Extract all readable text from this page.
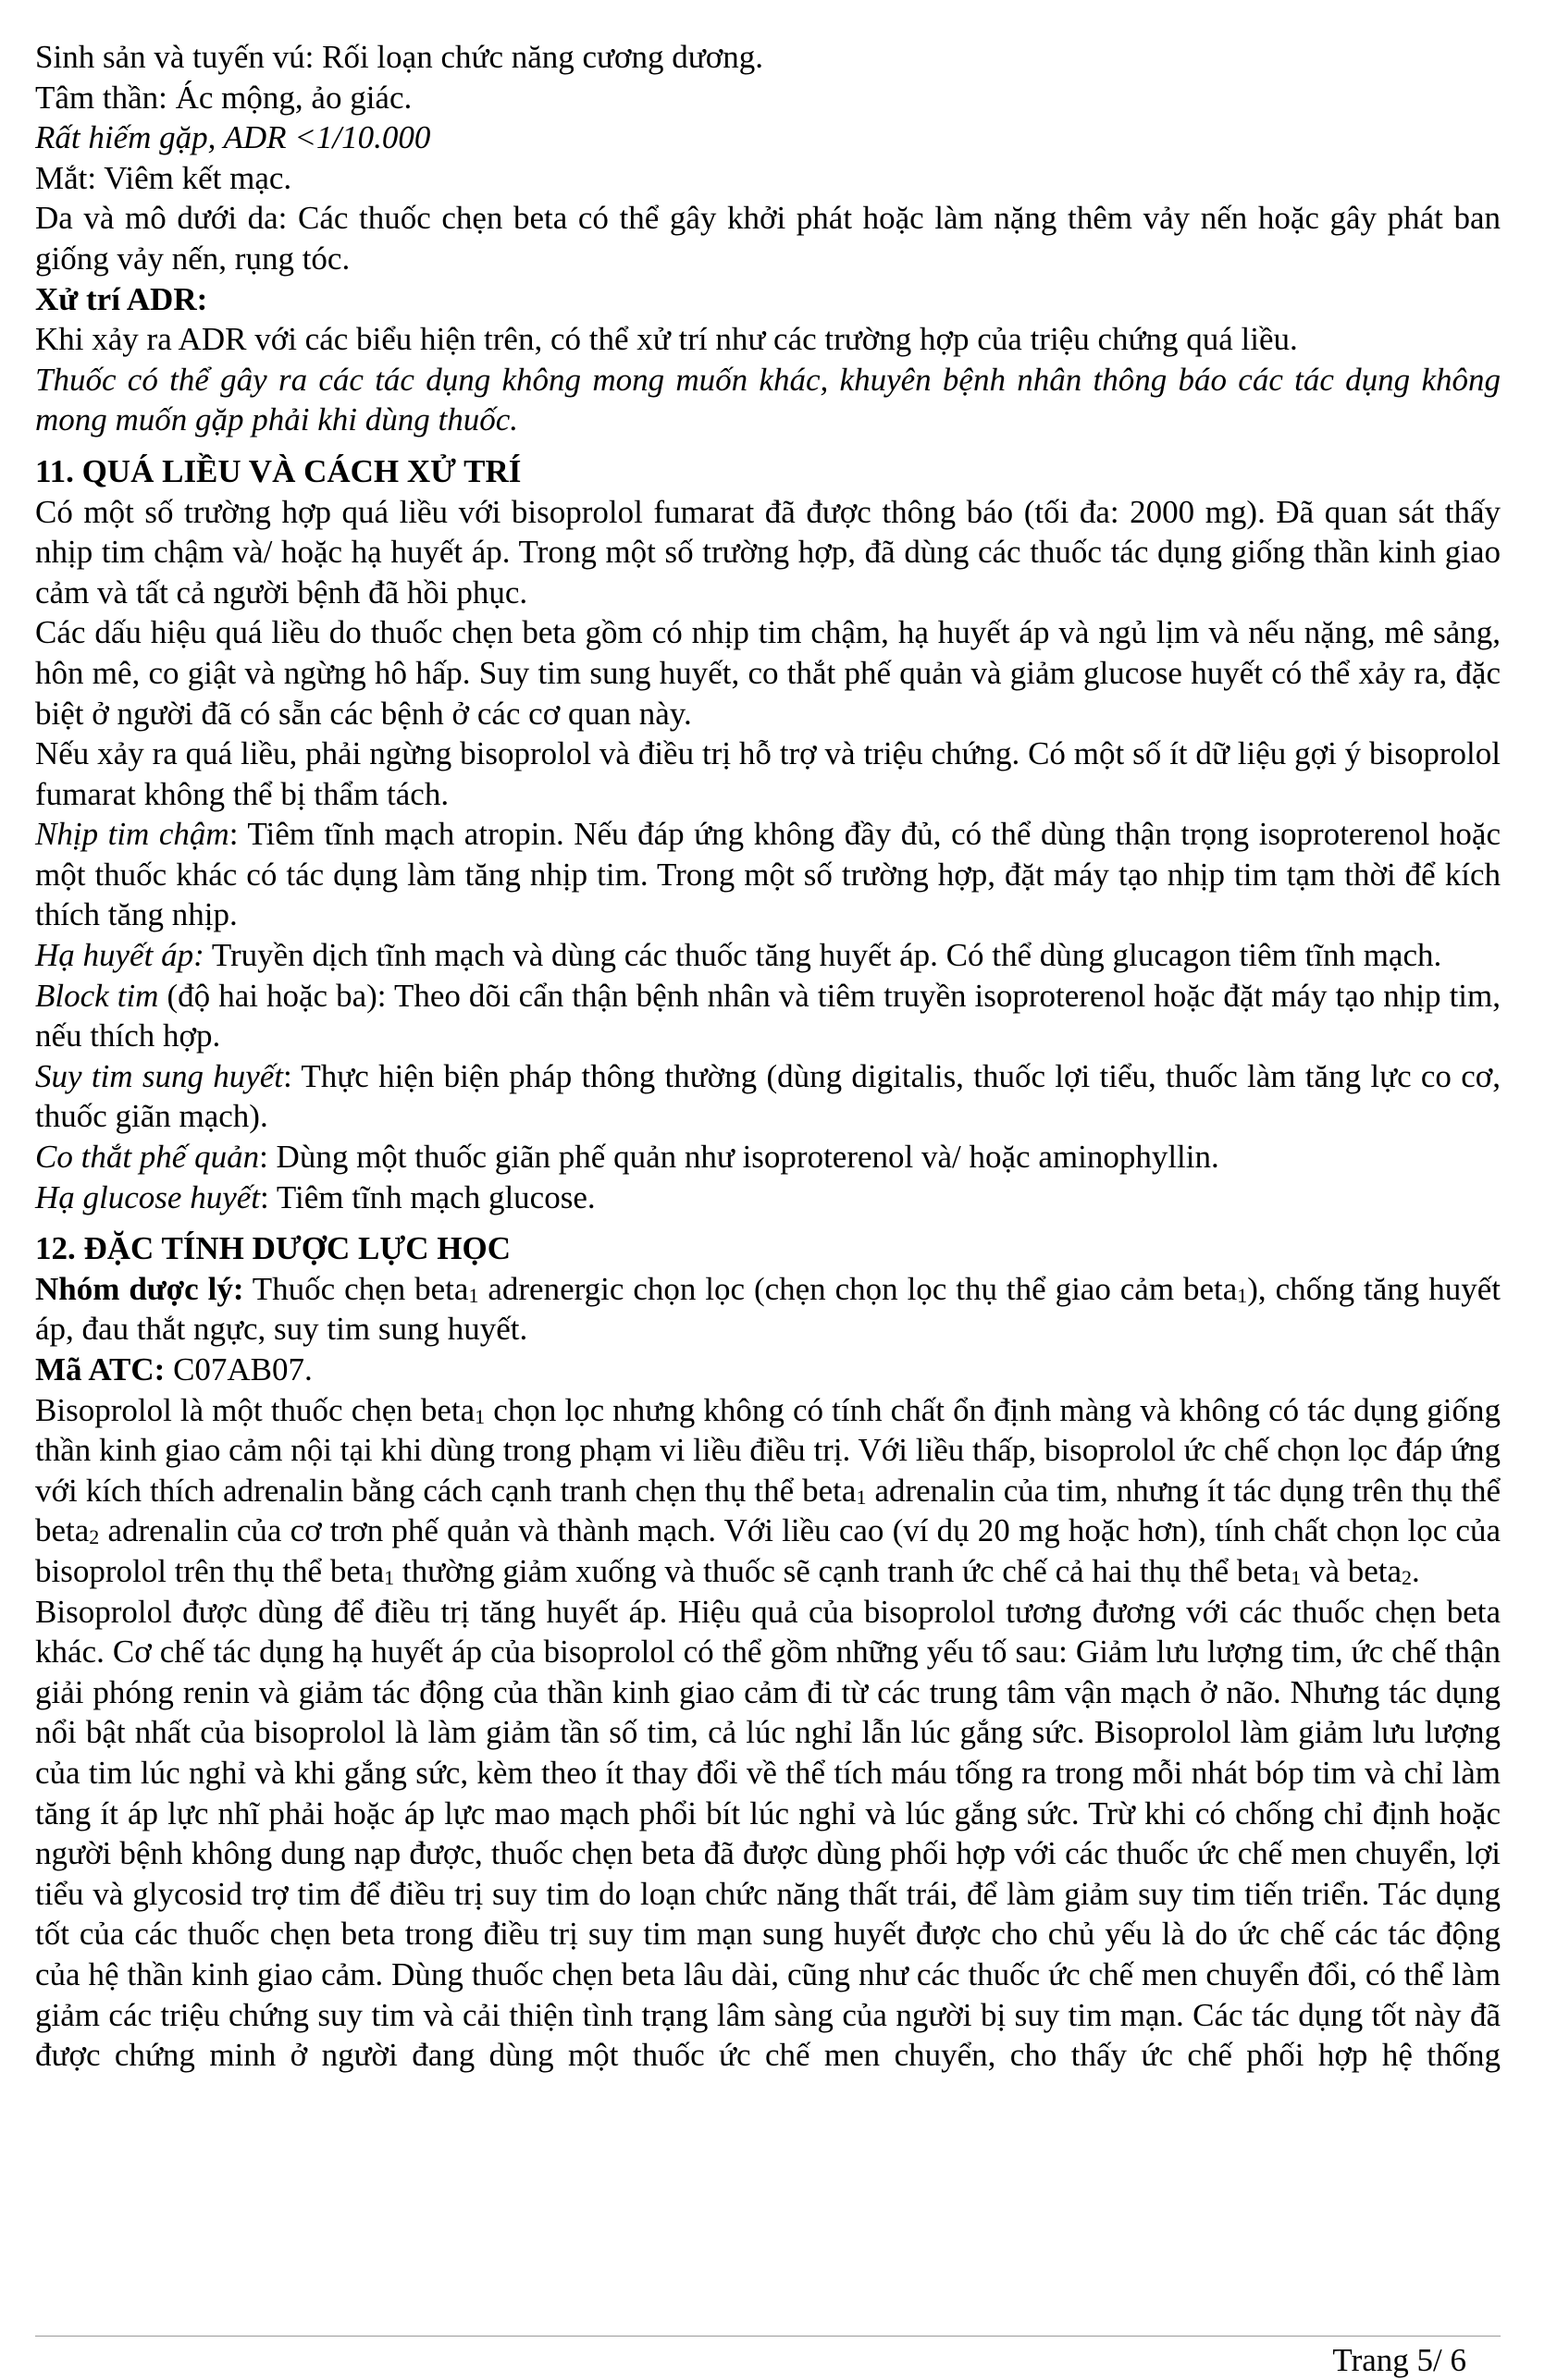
Sinh sản và tuyến vú: Rối loạn chức năng cương dương.

Tâm thần: Ác mộng, ảo giác.

Rất hiếm gặp, ADR <1/10.000

Mắt: Viêm kết mạc.

Da và mô dưới da: Các thuốc chẹn beta có thể gây khởi phát hoặc làm nặng thêm vảy nến hoặc gây phát ban giống vảy nến, rụng tóc.

Xử trí ADR:

Khi xảy ra ADR với các biểu hiện trên, có thể xử trí như các trường hợp của triệu chứng quá liều.

Thuốc có thể gây ra các tác dụng không mong muốn khác, khuyên bệnh nhân thông báo các tác dụng không mong muốn gặp phải khi dùng thuốc.

11. QUÁ LIỀU VÀ CÁCH XỬ TRÍ

Có một số trường hợp quá liều với bisoprolol fumarat đã được thông báo (tối đa: 2000 mg). Đã quan sát thấy nhịp tim chậm và/ hoặc hạ huyết áp. Trong một số trường hợp, đã dùng các thuốc tác dụng giống thần kinh giao cảm và tất cả người bệnh đã hồi phục.

Các dấu hiệu quá liều do thuốc chẹn beta gồm có nhịp tim chậm, hạ huyết áp và ngủ lịm và nếu nặng, mê sảng, hôn mê, co giật và ngừng hô hấp. Suy tim sung huyết, co thắt phế quản và giảm glucose huyết có thể xảy ra, đặc biệt ở người đã có sẵn các bệnh ở các cơ quan này.

Nếu xảy ra quá liều, phải ngừng bisoprolol và điều trị hỗ trợ và triệu chứng. Có một số ít dữ liệu gợi ý bisoprolol fumarat không thể bị thẩm tách.

Nhịp tim chậm: Tiêm tĩnh mạch atropin. Nếu đáp ứng không đầy đủ, có thể dùng thận trọng isoproterenol hoặc một thuốc khác có tác dụng làm tăng nhịp tim. Trong một số trường hợp, đặt máy tạo nhịp tim tạm thời để kích thích tăng nhịp.

Hạ huyết áp: Truyền dịch tĩnh mạch và dùng các thuốc tăng huyết áp. Có thể dùng glucagon tiêm tĩnh mạch.

Block tim (độ hai hoặc ba): Theo dõi cẩn thận bệnh nhân và tiêm truyền isoproterenol hoặc đặt máy tạo nhịp tim, nếu thích hợp.

Suy tim sung huyết: Thực hiện biện pháp thông thường (dùng digitalis, thuốc lợi tiểu, thuốc làm tăng lực co cơ, thuốc giãn mạch).

Co thắt phế quản: Dùng một thuốc giãn phế quản như isoproterenol và/ hoặc aminophyllin.

Hạ glucose huyết: Tiêm tĩnh mạch glucose.

12. ĐẶC TÍNH DƯỢC LỰC HỌC

Nhóm dược lý: Thuốc chẹn beta$_1$ adrenergic chọn lọc (chẹn chọn lọc thụ thể giao cảm beta$_1$), chống tăng huyết áp, đau thắt ngực, suy tim sung huyết.

Mã ATC: C07AB07.

Bisoprolol là một thuốc chẹn beta$_1$ chọn lọc nhưng không có tính chất ổn định màng và không có tác dụng giống thần kinh giao cảm nội tại khi dùng trong phạm vi liều điều trị. Với liều thấp, bisoprolol ức chế chọn lọc đáp ứng với kích thích adrenalin bằng cách cạnh tranh chẹn thụ thể beta$_1$ adrenalin của tim, nhưng ít tác dụng trên thụ thể beta$_2$ adrenalin của cơ trơn phế quản và thành mạch. Với liều cao (ví dụ 20 mg hoặc hơn), tính chất chọn lọc của bisoprolol trên thụ thể beta$_1$ thường giảm xuống và thuốc sẽ cạnh tranh ức chế cả hai thụ thể beta$_1$ và beta$_2$.

Bisoprolol được dùng để điều trị tăng huyết áp. Hiệu quả của bisoprolol tương đương với các thuốc chẹn beta khác. Cơ chế tác dụng hạ huyết áp của bisoprolol có thể gồm những yếu tố sau: Giảm lưu lượng tim, ức chế thận giải phóng renin và giảm tác động của thần kinh giao cảm đi từ các trung tâm vận mạch ở não. Nhưng tác dụng nổi bật nhất của bisoprolol là làm giảm tần số tim, cả lúc nghỉ lẫn lúc gắng sức. Bisoprolol làm giảm lưu lượng của tim lúc nghỉ và khi gắng sức, kèm theo ít thay đổi về thể tích máu tống ra trong mỗi nhát bóp tim và chỉ làm tăng ít áp lực nhĩ phải hoặc áp lực mao mạch phổi bít lúc nghỉ và lúc gắng sức. Trừ khi có chống chỉ định hoặc người bệnh không dung nạp được, thuốc chẹn beta đã được dùng phối hợp với các thuốc ức chế men chuyển, lợi tiểu và glycosid trợ tim để điều trị suy tim do loạn chức năng thất trái, để làm giảm suy tim tiến triển. Tác dụng tốt của các thuốc chẹn beta trong điều trị suy tim mạn sung huyết được cho chủ yếu là do ức chế các tác động của hệ thần kinh giao cảm. Dùng thuốc chẹn beta lâu dài, cũng như các thuốc ức chế men chuyển đổi, có thể làm giảm các triệu chứng suy tim và cải thiện tình trạng lâm sàng của người bị suy tim mạn. Các tác dụng tốt này đã được chứng minh ở người đang dùng một thuốc ức chế men chuyển, cho thấy ức chế phối hợp hệ thống

Trang 5/ 6
